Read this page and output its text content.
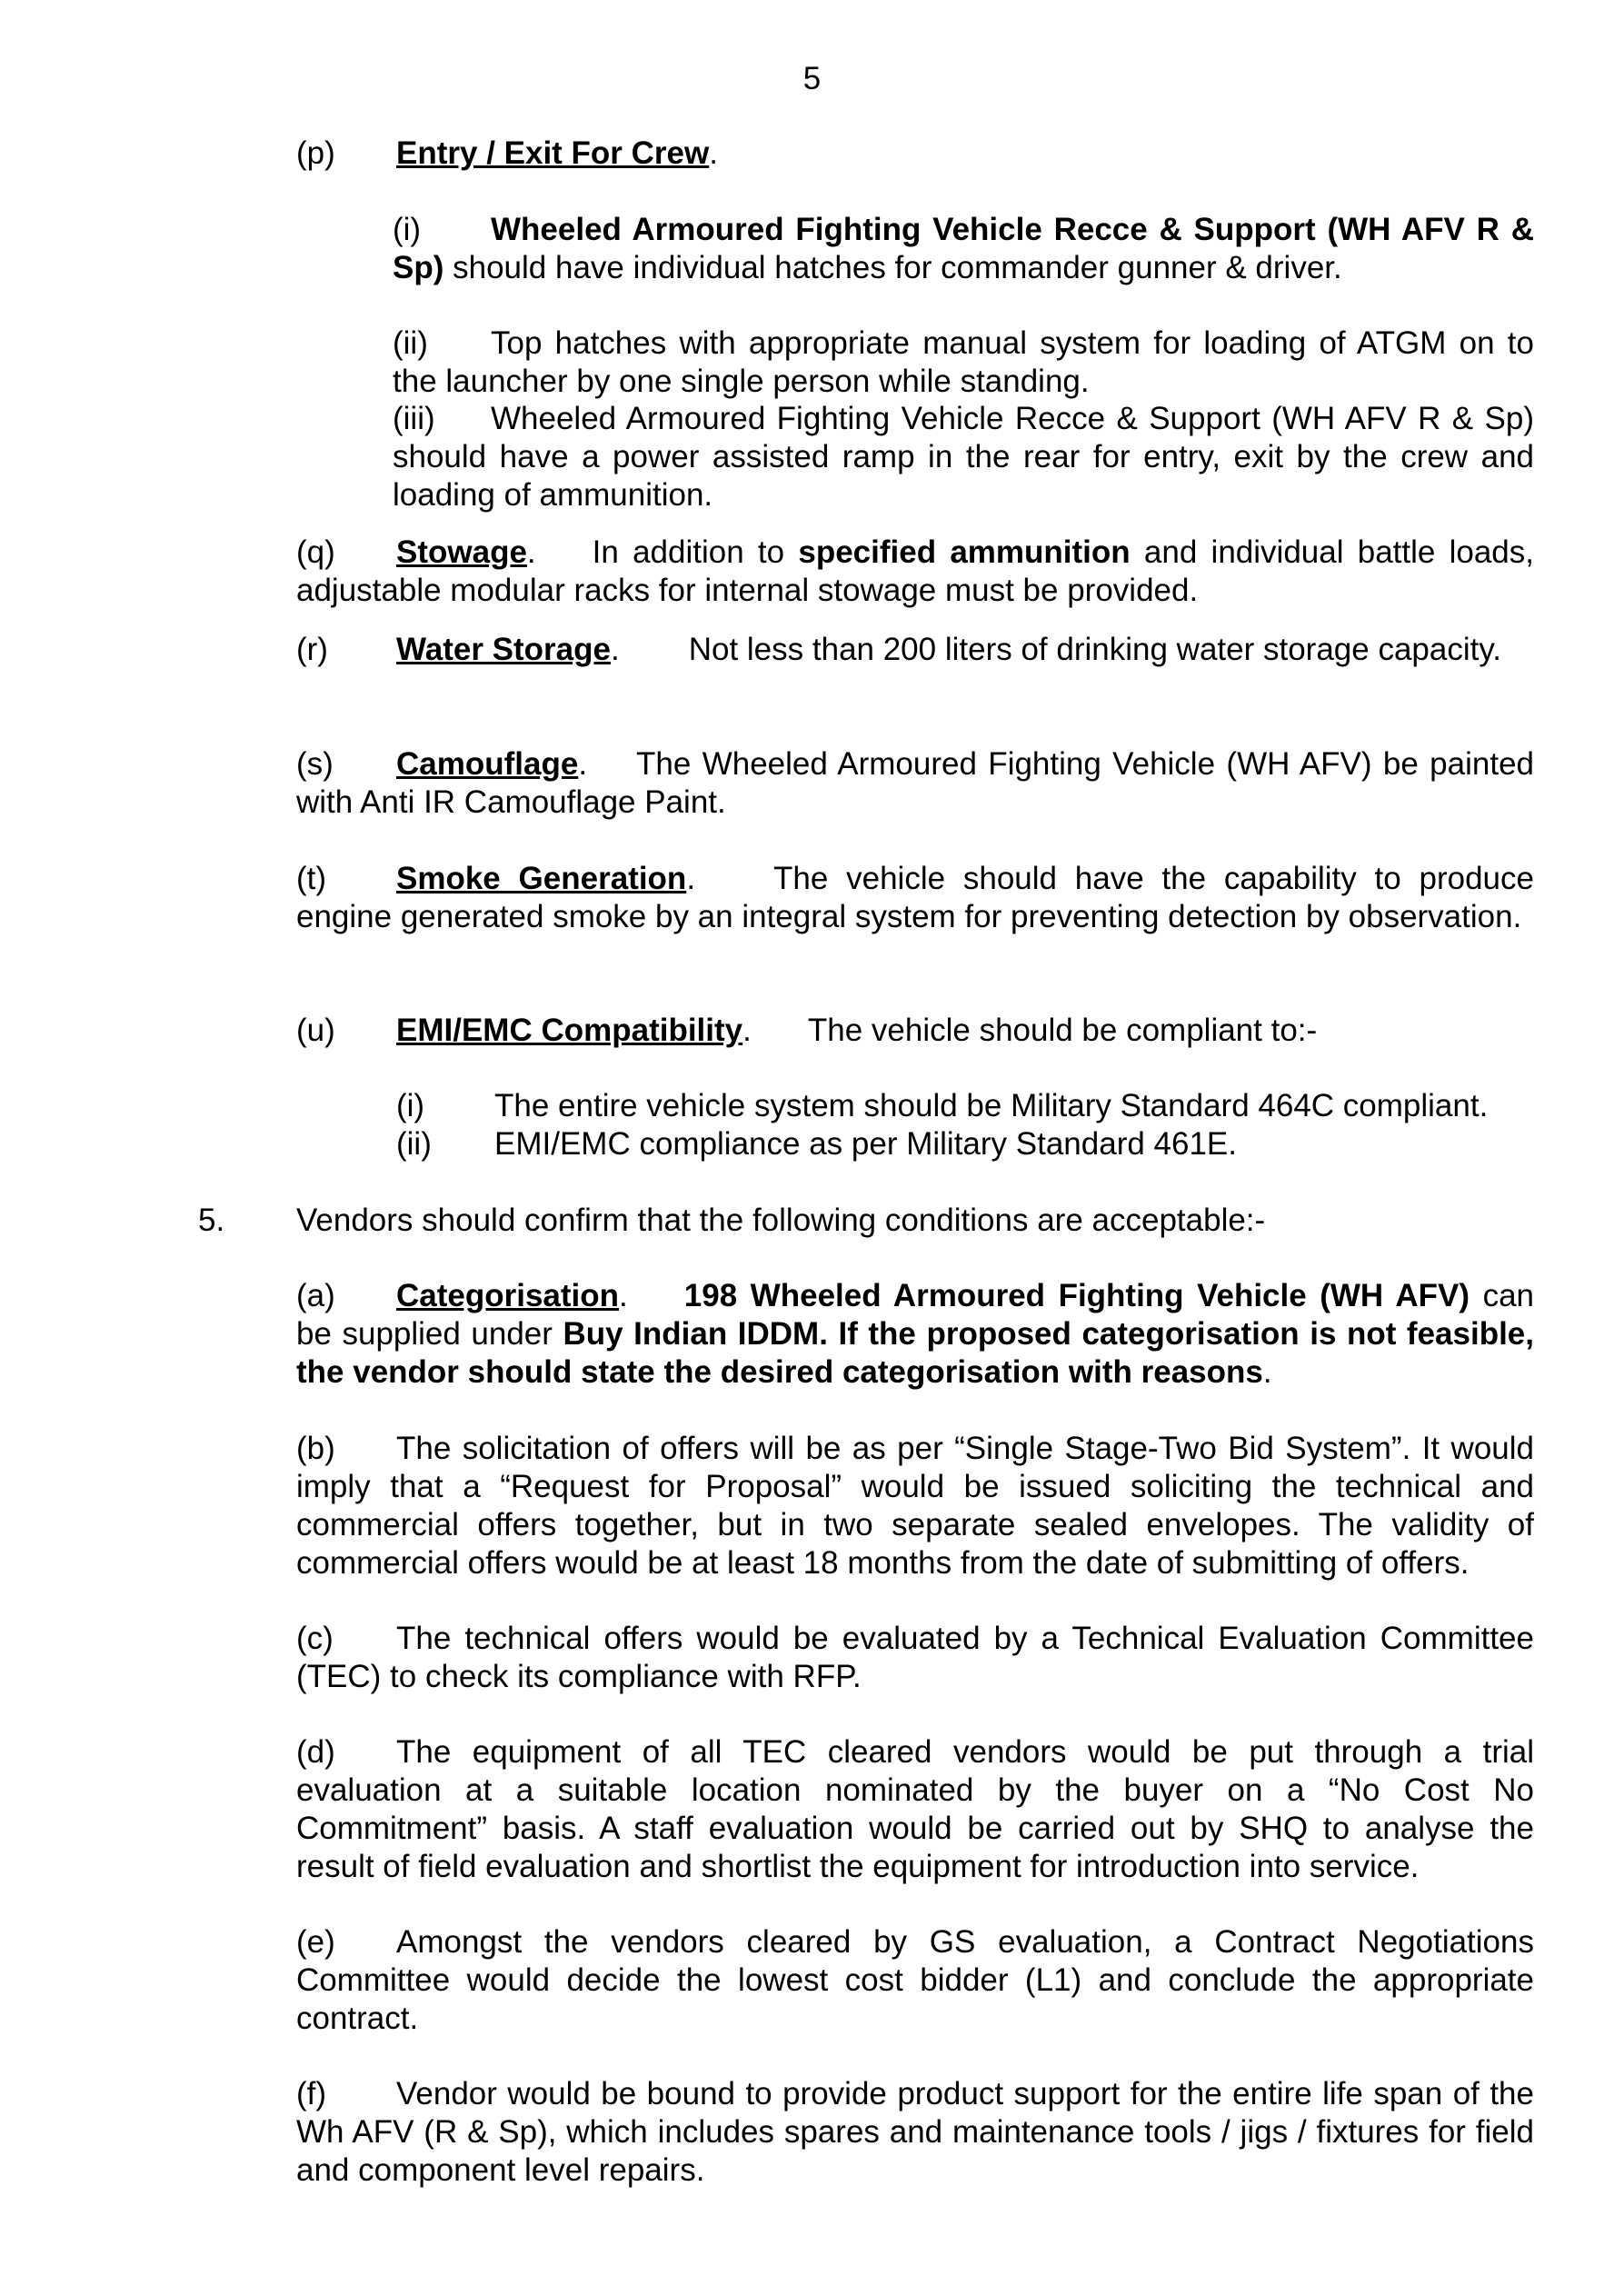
5
(p) Entry / Exit For Crew.
(i) Wheeled Armoured Fighting Vehicle Recce & Support (WH AFV R & Sp) should have individual hatches for commander gunner & driver.
(ii) Top hatches with appropriate manual system for loading of ATGM on to the launcher by one single person while standing.
(iii) Wheeled Armoured Fighting Vehicle Recce & Support (WH AFV R & Sp) should have a power assisted ramp in the rear for entry, exit by the crew and loading of ammunition.
(q) Stowage. In addition to specified ammunition and individual battle loads, adjustable modular racks for internal stowage must be provided.
(r) Water Storage. Not less than 200 liters of drinking water storage capacity.
(s) Camouflage. The Wheeled Armoured Fighting Vehicle (WH AFV) be painted with Anti IR Camouflage Paint.
(t) Smoke Generation. The vehicle should have the capability to produce engine generated smoke by an integral system for preventing detection by observation.
(u) EMI/EMC Compatibility. The vehicle should be compliant to:-
(i) The entire vehicle system should be Military Standard 464C compliant.
(ii) EMI/EMC compliance as per Military Standard 461E.
5. Vendors should confirm that the following conditions are acceptable:-
(a) Categorisation. 198 Wheeled Armoured Fighting Vehicle (WH AFV) can be supplied under Buy Indian IDDM. If the proposed categorisation is not feasible, the vendor should state the desired categorisation with reasons.
(b) The solicitation of offers will be as per “Single Stage-Two Bid System”. It would imply that a “Request for Proposal” would be issued soliciting the technical and commercial offers together, but in two separate sealed envelopes. The validity of commercial offers would be at least 18 months from the date of submitting of offers.
(c) The technical offers would be evaluated by a Technical Evaluation Committee (TEC) to check its compliance with RFP.
(d) The equipment of all TEC cleared vendors would be put through a trial evaluation at a suitable location nominated by the buyer on a “No Cost No Commitment” basis. A staff evaluation would be carried out by SHQ to analyse the result of field evaluation and shortlist the equipment for introduction into service.
(e) Amongst the vendors cleared by GS evaluation, a Contract Negotiations Committee would decide the lowest cost bidder (L1) and conclude the appropriate contract.
(f) Vendor would be bound to provide product support for the entire life span of the Wh AFV (R & Sp), which includes spares and maintenance tools / jigs / fixtures for field and component level repairs.
